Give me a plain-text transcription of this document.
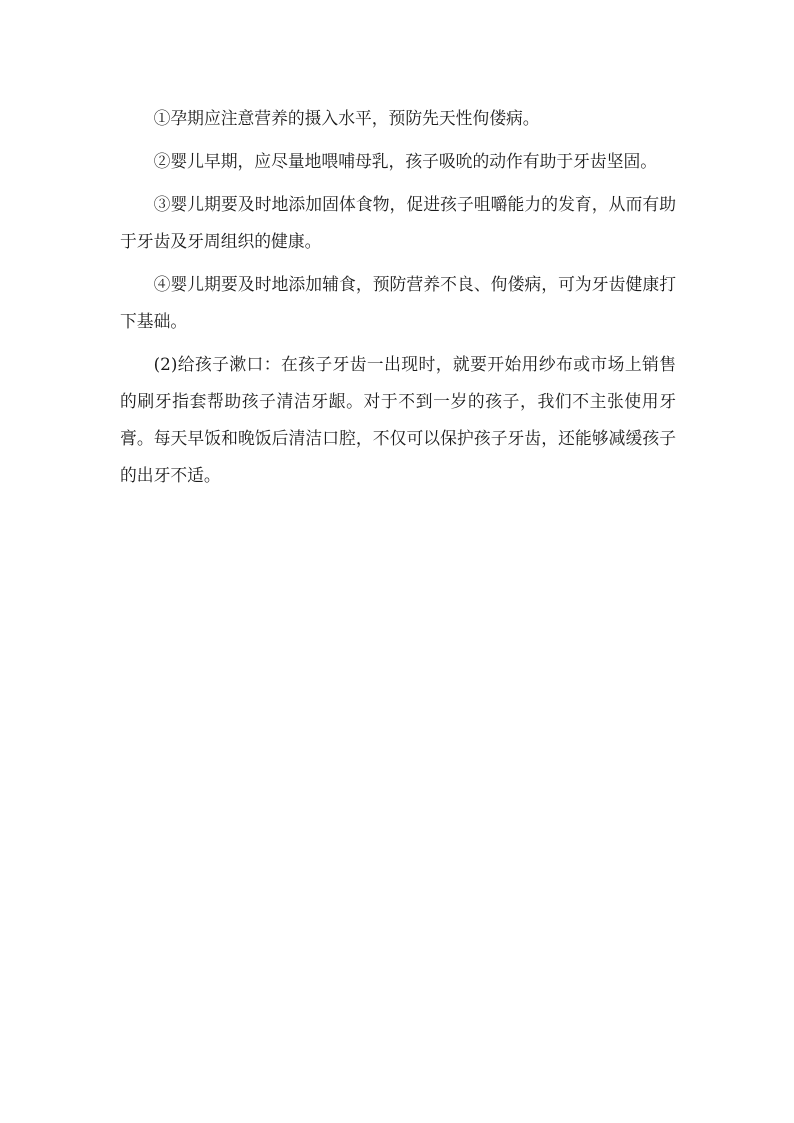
①孕期应注意营养的摄入水平，预防先天性佝偻病。

②婴儿早期，应尽量地喂哺母乳，孩子吸吮的动作有助于牙齿坚固。

③婴儿期要及时地添加固体食物，促进孩子咀嚼能力的发育，从而有助于牙齿及牙周组织的健康。

④婴儿期要及时地添加辅食，预防营养不良、佝偻病，可为牙齿健康打下基础。

(2)给孩子漱口：在孩子牙齿一出现时，就要开始用纱布或市场上销售的刷牙指套帮助孩子清洁牙龈。对于不到一岁的孩子，我们不主张使用牙膏。每天早饭和晚饭后清洁口腔，不仅可以保护孩子牙齿，还能够减缓孩子的出牙不适。
